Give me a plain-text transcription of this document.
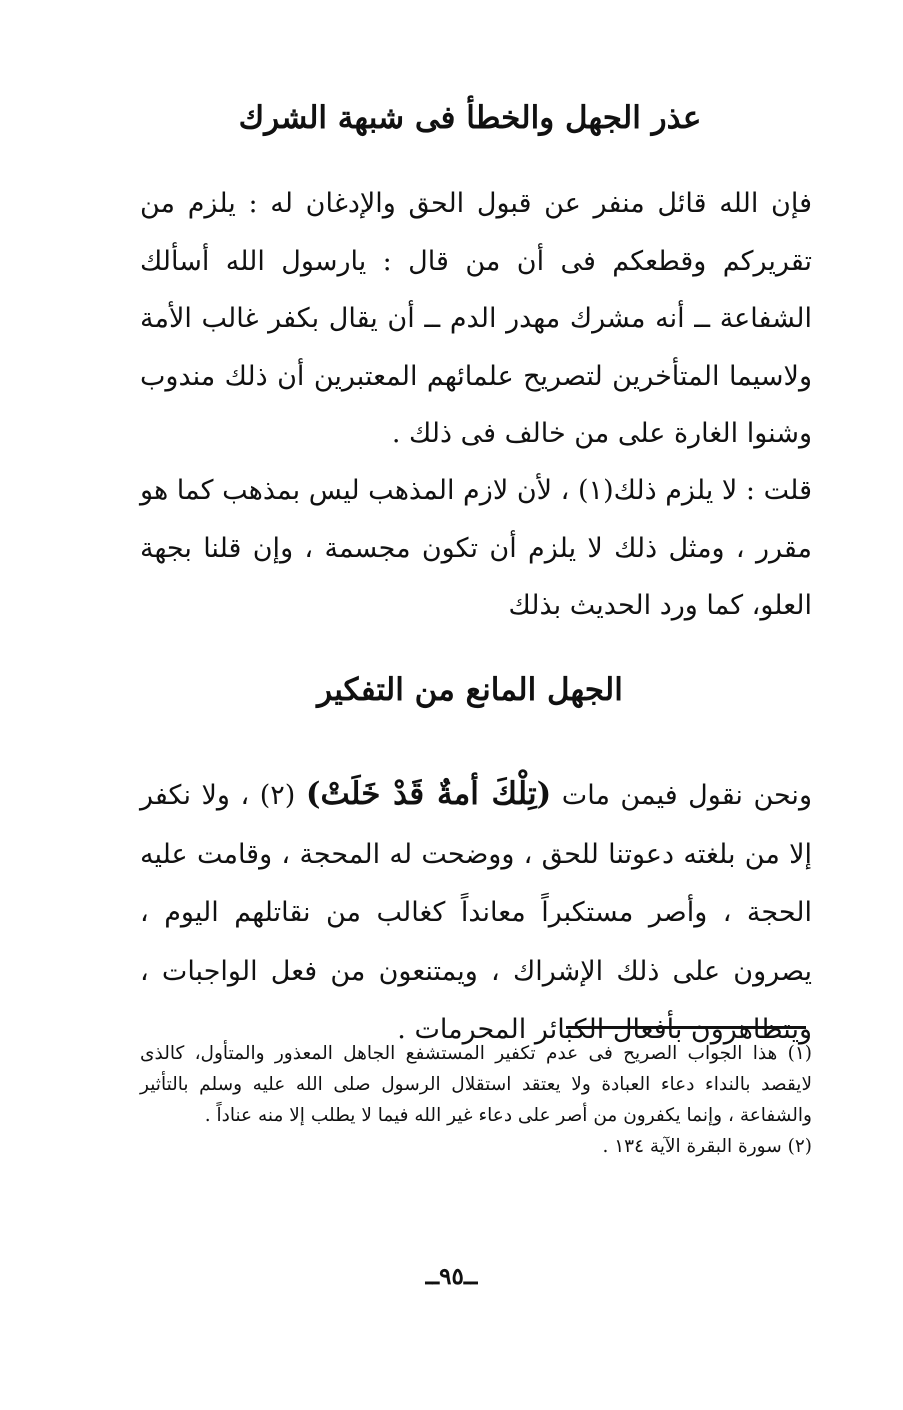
عذر الجهل والخطأ فى شبهة الشرك

فإن الله قائل منفر عن قبول الحق والإدغان له : يلزم من تقريركم وقطعكم فى أن من قال : يارسول الله أسألك الشفاعة ــ أنه مشرك مهدر الدم ــ أن يقال بكفر غالب الأمة ولاسيما المتأخرين لتصريح علمائهم المعتبرين أن ذلك مندوب وشنوا الغارة على من خالف فى ذلك .

قلت : لا يلزم ذلك(١) ، لأن لازم المذهب ليس بمذهب كما هو مقرر ، ومثل ذلك لا يلزم أن تكون مجسمة ، وإن قلنا بجهة العلو، كما ورد الحديث بذلك

الجهل المانع من التفكير

ونحن نقول فيمن مات (تِلْكَ أمةٌ قَدْ خَلَتْ) (٢) ، ولا نكفر إلا من بلغته دعوتنا للحق ، ووضحت له المحجة ، وقامت عليه الحجة ، وأصر مستكبراً معانداً كغالب من نقاتلهم اليوم ، يصرون على ذلك الإشراك ، ويمتنعون من فعل الواجبات ، ويتظاهرون بأفعال الكبائر المحرمات .

(١) هذا الجواب الصريح فى عدم تكفير المستشفع الجاهل المعذور والمتأول، كالذى لايقصد بالنداء دعاء العبادة ولا يعتقد استقلال الرسول صلى الله عليه وسلم بالتأثير والشفاعة ، وإنما يكفرون من أصر على دعاء غير الله فيما لا يطلب إلا منه عناداً .
(٢) سورة البقرة الآية ١٣٤ .
ــ٩٥ــ
